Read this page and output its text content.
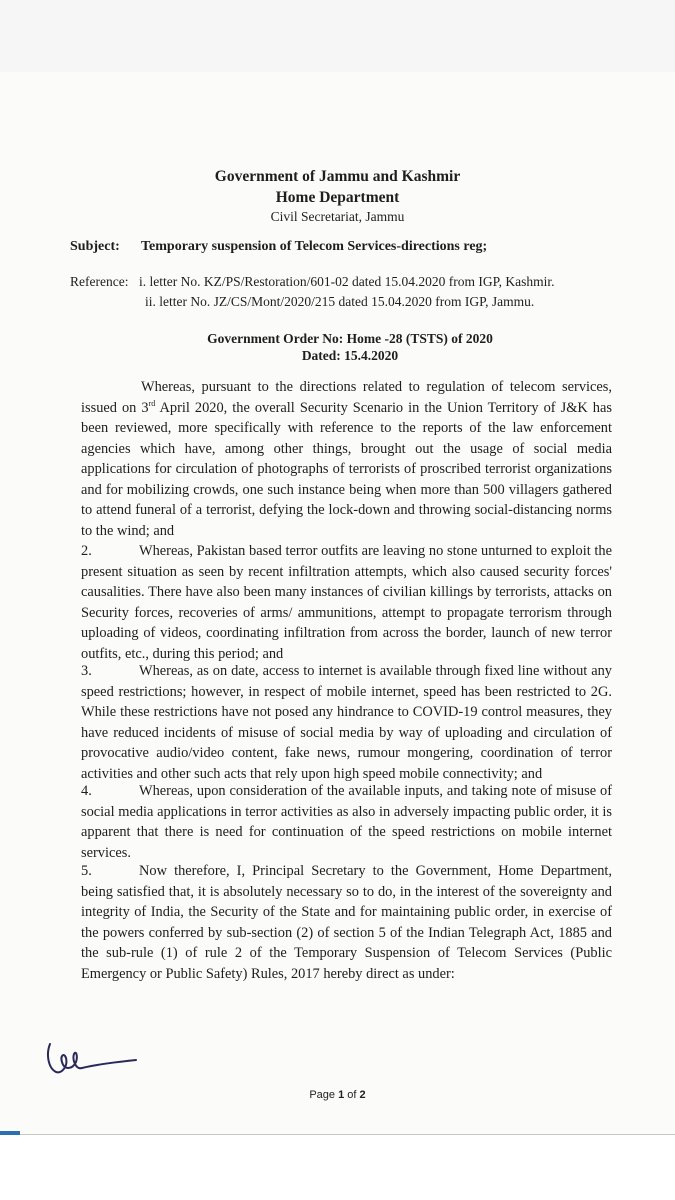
Government of Jammu and Kashmir
Home Department
Civil Secretariat, Jammu
Subject: Temporary suspension of Telecom Services-directions reg;
Reference: i. letter No. KZ/PS/Restoration/601-02 dated 15.04.2020 from IGP, Kashmir.
ii. letter No. JZ/CS/Mont/2020/215 dated 15.04.2020 from IGP, Jammu.
Government Order No: Home -28 (TSTS) of 2020
Dated: 15.4.2020

Whereas, pursuant to the directions related to regulation of telecom services, issued on 3rd April 2020, the overall Security Scenario in the Union Territory of J&K has been reviewed, more specifically with reference to the reports of the law enforcement agencies which have, among other things, brought out the usage of social media applications for circulation of photographs of terrorists of proscribed terrorist organizations and for mobilizing crowds, one such instance being when more than 500 villagers gathered to attend funeral of a terrorist, defying the lock-down and throwing social-distancing norms to the wind; and

2.	Whereas, Pakistan based terror outfits are leaving no stone unturned to exploit the present situation as seen by recent infiltration attempts, which also caused security forces' causalities. There have also been many instances of civilian killings by terrorists, attacks on Security forces, recoveries of arms/ ammunitions, attempt to propagate terrorism through uploading of videos, coordinating infiltration from across the border, launch of new terror outfits, etc., during this period; and

3.	Whereas, as on date, access to internet is available through fixed line without any speed restrictions; however, in respect of mobile internet, speed has been restricted to 2G. While these restrictions have not posed any hindrance to COVID-19 control measures, they have reduced incidents of misuse of social media by way of uploading and circulation of provocative audio/video content, fake news, rumour mongering, coordination of terror activities and other such acts that rely upon high speed mobile connectivity; and

4.	Whereas, upon consideration of the available inputs, and taking note of misuse of social media applications in terror activities as also in adversely impacting public order, it is apparent that there is need for continuation of the speed restrictions on mobile internet services.

5.	Now therefore, I, Principal Secretary to the Government, Home Department, being satisfied that, it is absolutely necessary so to do, in the interest of the sovereignty and integrity of India, the Security of the State and for maintaining public order, in exercise of the powers conferred by sub-section (2) of section 5 of the Indian Telegraph Act, 1885 and the sub-rule (1) of rule 2 of the Temporary Suspension of Telecom Services (Public Emergency or Public Safety) Rules, 2017 hereby direct as under:

Page 1 of 2
